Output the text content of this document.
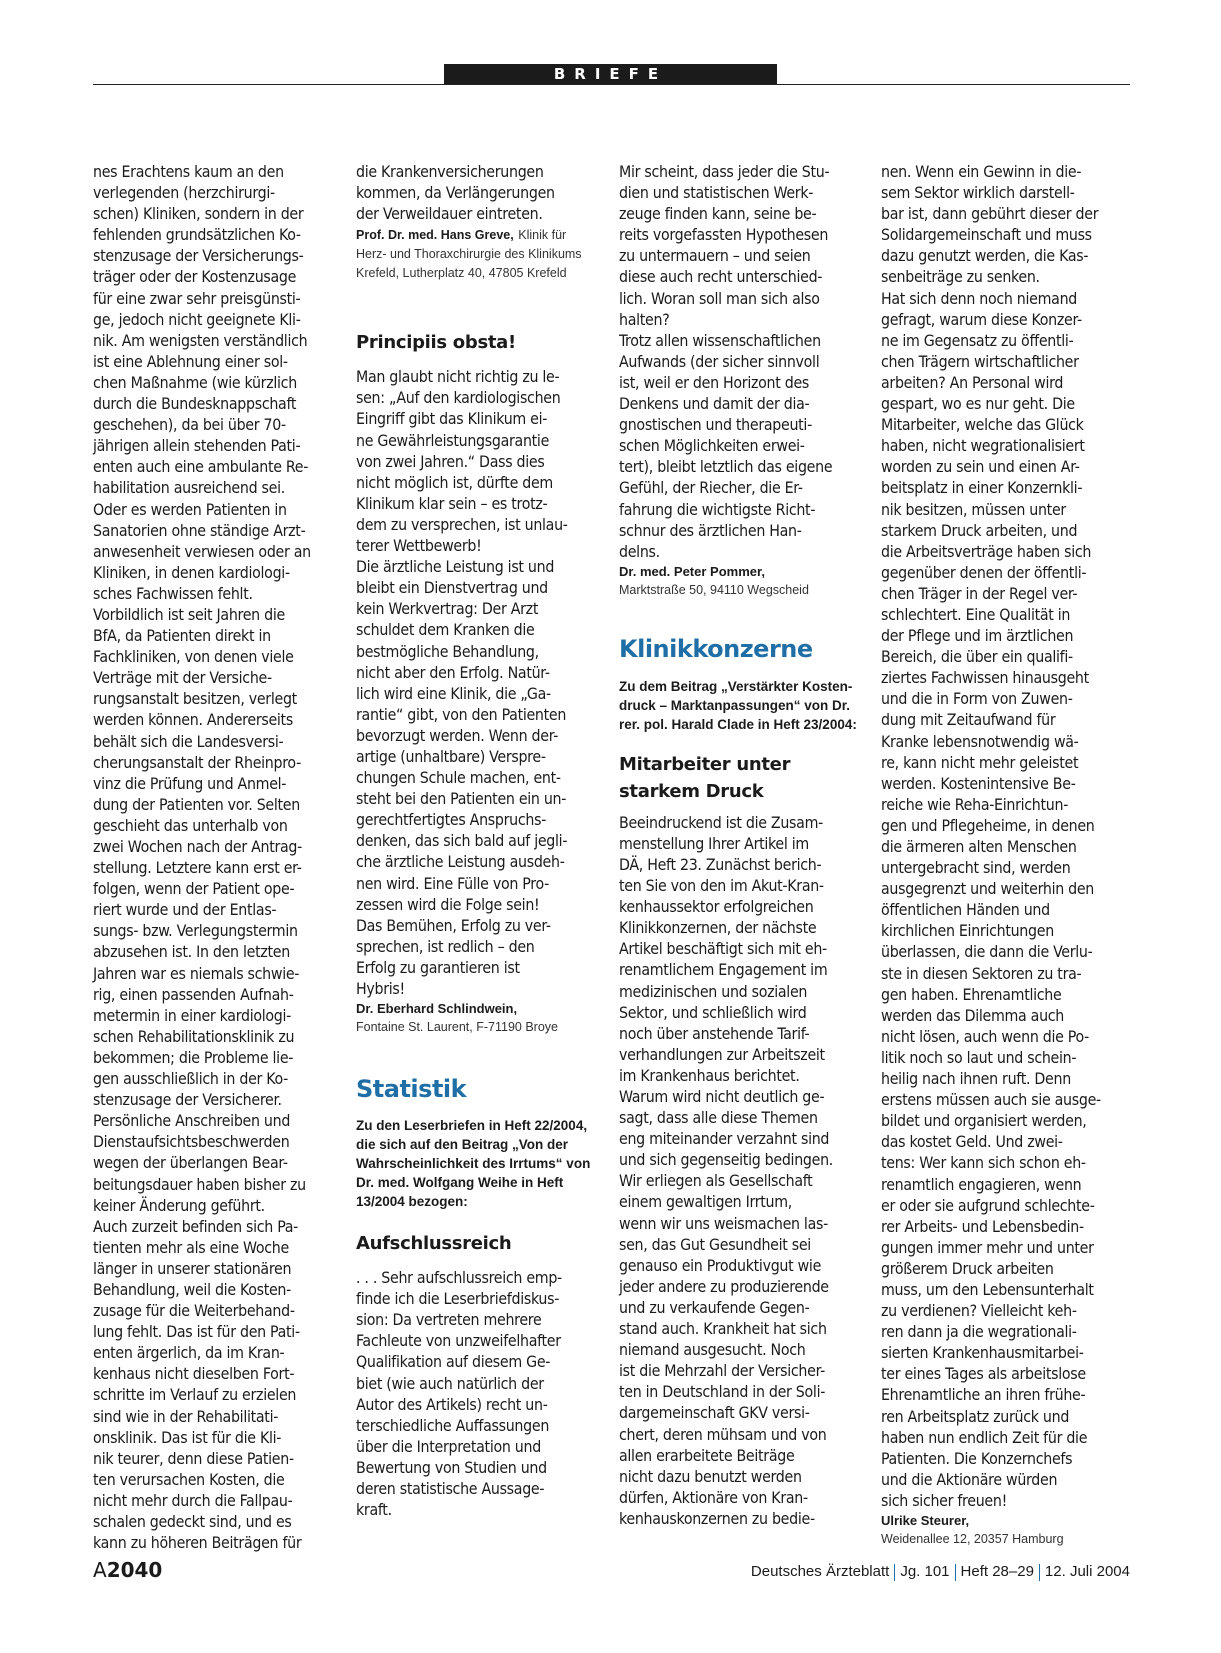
BRIEFE
nes Erachtens kaum an den
verlegenden (herzchirurgi-
schen) Kliniken, sondern in der
fehlenden grundsätzlichen Ko-
stenzusage der Versicherungs-
träger oder der Kostenzusage
für eine zwar sehr preisgünsti-
ge, jedoch nicht geeignete Kli-
nik. Am wenigsten verständlich
ist eine Ablehnung einer sol-
chen Maßnahme (wie kürzlich
durch die Bundesknappschaft
geschehen), da bei über 70-
jährigen allein stehenden Pati-
enten auch eine ambulante Re-
habilitation ausreichend sei.
Oder es werden Patienten in
Sanatorien ohne ständige Arzt-
anwesenheit verwiesen oder an
Kliniken, in denen kardiologi-
sches Fachwissen fehlt.
Vorbildlich ist seit Jahren die
BfA, da Patienten direkt in
Fachkliniken, von denen viele
Verträge mit der Versiche-
rungsanstalt besitzen, verlegt
werden können. Andererseits
behält sich die Landesversi-
cherungsanstalt der Rheinpro-
vinz die Prüfung und Anmel-
dung der Patienten vor. Selten
geschieht das unterhalb von
zwei Wochen nach der Antrag-
stellung. Letztere kann erst er-
folgen, wenn der Patient ope-
riert wurde und der Entlas-
sungs- bzw. Verlegungstermin
abzusehen ist. In den letzten
Jahren war es niemals schwie-
rig, einen passenden Aufnah-
metermin in einer kardiologi-
schen Rehabilitationsklinik zu
bekommen; die Probleme lie-
gen ausschließlich in der Ko-
stenzusage der Versicherer.
Persönliche Anschreiben und
Dienstaufsichtsbeschwerden
wegen der überlangen Bear-
beitungsdauer haben bisher zu
keiner Änderung geführt.
Auch zurzeit befinden sich Pa-
tienten mehr als eine Woche
länger in unserer stationären
Behandlung, weil die Kosten-
zusage für die Weiterbehand-
lung fehlt. Das ist für den Pati-
enten ärgerlich, da im Kran-
kenhaus nicht dieselben Fort-
schritte im Verlauf zu erzielen
sind wie in der Rehabilitati-
onsklinik. Das ist für die Kli-
nik teurer, denn diese Patien-
ten verursachen Kosten, die
nicht mehr durch die Fallpau-
schalen gedeckt sind, und es
kann zu höheren Beiträgen für
die Krankenversicherungen
kommen, da Verlängerungen
der Verweildauer eintreten.
Prof. Dr. med. Hans Greve, Klinik für
Herz- und Thoraxchirurgie des Klinikums
Krefeld, Lutherplatz 40, 47805 Krefeld
Principiis obsta!
Man glaubt nicht richtig zu le-
sen: „Auf den kardiologischen
Eingriff gibt das Klinikum ei-
ne Gewährleistungsgarantie
von zwei Jahren.“ Dass dies
nicht möglich ist, dürfte dem
Klinikum klar sein – es trotz-
dem zu versprechen, ist unlau-
terer Wettbewerb!
Die ärztliche Leistung ist und
bleibt ein Dienstvertrag und
kein Werkvertrag: Der Arzt
schuldet dem Kranken die
bestmögliche Behandlung,
nicht aber den Erfolg. Natür-
lich wird eine Klinik, die „Ga-
rantie“ gibt, von den Patienten
bevorzugt werden. Wenn der-
artige (unhaltbare) Verspre-
chungen Schule machen, ent-
steht bei den Patienten ein un-
gerechtfertigtes Anspruchs-
denken, das sich bald auf jegli-
che ärztliche Leistung ausdeh-
nen wird. Eine Fülle von Pro-
zessen wird die Folge sein!
Das Bemühen, Erfolg zu ver-
sprechen, ist redlich – den
Erfolg zu garantieren ist
Hybris!
Dr. Eberhard Schlindwein,
Fontaine St. Laurent, F-71190 Broye
Statistik
Zu den Leserbriefen in Heft 22/2004,
die sich auf den Beitrag „Von der
Wahrscheinlichkeit des Irrtums“ von
Dr. med. Wolfgang Weihe in Heft
13/2004 bezogen:
Aufschlussreich
. . . Sehr aufschlussreich emp-
finde ich die Leserbriefdiskus-
sion: Da vertreten mehrere
Fachleute von unzweifelhafter
Qualifikation auf diesem Ge-
biet (wie auch natürlich der
Autor des Artikels) recht un-
terschiedliche Auffassungen
über die Interpretation und
Bewertung von Studien und
deren statistische Aussage-
kraft.
Mir scheint, dass jeder die Stu-
dien und statistischen Werk-
zeuge finden kann, seine be-
reits vorgefassten Hypothesen
zu untermauern – und seien
diese auch recht unterschied-
lich. Woran soll man sich also
halten?
Trotz allen wissenschaftlichen
Aufwands (der sicher sinnvoll
ist, weil er den Horizont des
Denkens und damit der dia-
gnostischen und therapeuti-
schen Möglichkeiten erwei-
tert), bleibt letztlich das eigene
Gefühl, der Riecher, die Er-
fahrung die wichtigste Richt-
schnur des ärztlichen Han-
delns.
Dr. med. Peter Pommer,
Marktstraße 50, 94110 Wegscheid
Klinikkonzerne
Zu dem Beitrag „Verstärkter Kosten-
druck – Marktanpassungen“ von Dr.
rer. pol. Harald Clade in Heft 23/2004:
Mitarbeiter unter
starkem Druck
Beeindruckend ist die Zusam-
menstellung Ihrer Artikel im
DÄ, Heft 23. Zunächst berich-
ten Sie von den im Akut-Kran-
kenhaussektor erfolgreichen
Klinikkonzernen, der nächste
Artikel beschäftigt sich mit eh-
renamtlichem Engagement im
medizinischen und sozialen
Sektor, und schließlich wird
noch über anstehende Tarif-
verhandlungen zur Arbeitszeit
im Krankenhaus berichtet.
Warum wird nicht deutlich ge-
sagt, dass alle diese Themen
eng miteinander verzahnt sind
und sich gegenseitig bedingen.
Wir erliegen als Gesellschaft
einem gewaltigen Irrtum,
wenn wir uns weismachen las-
sen, das Gut Gesundheit sei
genauso ein Produktivgut wie
jeder andere zu produzierende
und zu verkaufende Gegen-
stand auch. Krankheit hat sich
niemand ausgesucht. Noch
ist die Mehrzahl der Versicher-
ten in Deutschland in der Soli-
dargemeinschaft GKV versi-
chert, deren mühsam und von
allen erarbeitete Beiträge
nicht dazu benutzt werden
dürfen, Aktionäre von Kran-
kenhauskonzernen zu bedie-
nen. Wenn ein Gewinn in die-
sem Sektor wirklich darstell-
bar ist, dann gebührt dieser der
Solidargemeinschaft und muss
dazu genutzt werden, die Kas-
senbeiträge zu senken.
Hat sich denn noch niemand
gefragt, warum diese Konzer-
ne im Gegensatz zu öffentli-
chen Trägern wirtschaftlicher
arbeiten? An Personal wird
gespart, wo es nur geht. Die
Mitarbeiter, welche das Glück
haben, nicht wegrationalisiert
worden zu sein und einen Ar-
beitsplatz in einer Konzernkli-
nik besitzen, müssen unter
starkem Druck arbeiten, und
die Arbeitsverträge haben sich
gegenüber denen der öffentli-
chen Träger in der Regel ver-
schlechtert. Eine Qualität in
der Pflege und im ärztlichen
Bereich, die über ein qualifi-
ziertes Fachwissen hinausgeht
und die in Form von Zuwen-
dung mit Zeitaufwand für
Kranke lebensnotwendig wä-
re, kann nicht mehr geleistet
werden. Kostenintensive Be-
reiche wie Reha-Einrichtun-
gen und Pflegeheime, in denen
die ärmeren alten Menschen
untergebracht sind, werden
ausgegrenzt und weiterhin den
öffentlichen Händen und
kirchlichen Einrichtungen
überlassen, die dann die Verlu-
ste in diesen Sektoren zu tra-
gen haben. Ehrenamtliche
werden das Dilemma auch
nicht lösen, auch wenn die Po-
litik noch so laut und schein-
heilig nach ihnen ruft. Denn
erstens müssen auch sie ausge-
bildet und organisiert werden,
das kostet Geld. Und zwei-
tens: Wer kann sich schon eh-
renamtlich engagieren, wenn
er oder sie aufgrund schlechte-
rer Arbeits- und Lebensbedin-
gungen immer mehr und unter
größerem Druck arbeiten
muss, um den Lebensunterhalt
zu verdienen? Vielleicht keh-
ren dann ja die wegrationali-
sierten Krankenhausmitarbei-
ter eines Tages als arbeitslose
Ehrenamtliche an ihren frühe-
ren Arbeitsplatz zurück und
haben nun endlich Zeit für die
Patienten. Die Konzernchefs
und die Aktionäre würden
sich sicher freuen!
Ulrike Steurer,
Weidenallee 12, 20357 Hamburg
A2040	Deutsches Ärzteblatt Jg. 101 Heft 28–29 12. Juli 2004
